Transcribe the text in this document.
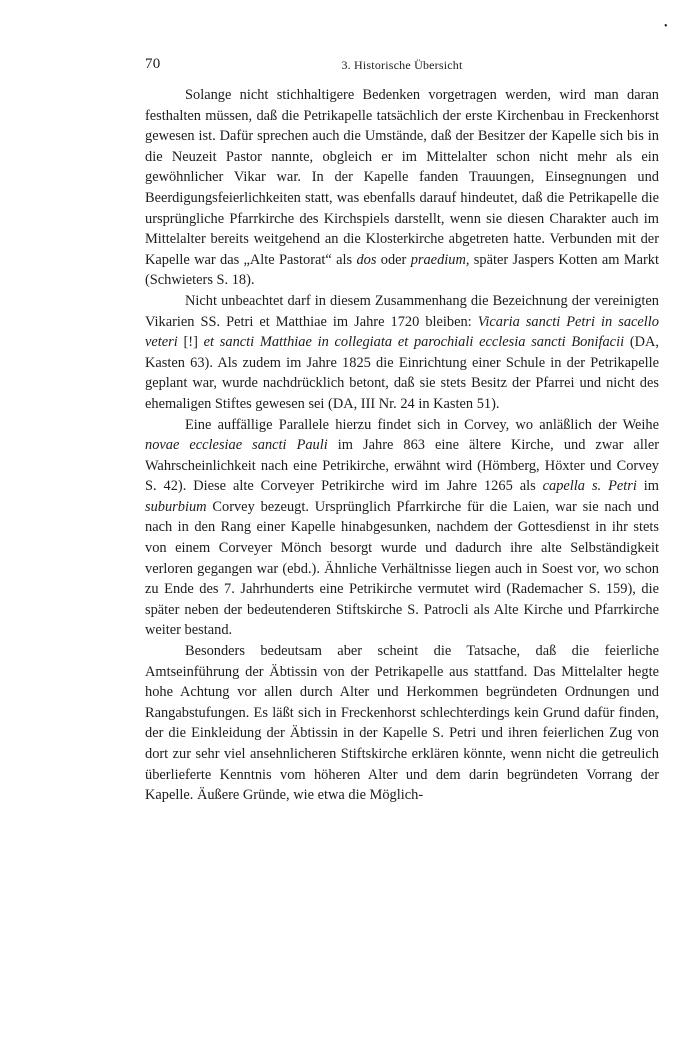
•
70	3. Historische Übersicht

Solange nicht stichhaltigere Bedenken vorgetragen werden, wird man daran festhalten müssen, daß die Petrikapelle tatsächlich der erste Kirchenbau in Freckenhorst gewesen ist. Dafür sprechen auch die Umstände, daß der Besitzer der Kapelle sich bis in die Neuzeit Pastor nannte, obgleich er im Mittelalter schon nicht mehr als ein gewöhnlicher Vikar war. In der Kapelle fanden Trauungen, Einsegnungen und Beerdigungsfeierlichkeiten statt, was ebenfalls darauf hindeutet, daß die Petrikapelle die ursprüngliche Pfarrkirche des Kirchspiels darstellt, wenn sie diesen Charakter auch im Mittelalter bereits weitgehend an die Klosterkirche abgetreten hatte. Verbunden mit der Kapelle war das „Alte Pastorat“ als dos oder praedium, später Jaspers Kotten am Markt (Schwieters S. 18).

Nicht unbeachtet darf in diesem Zusammenhang die Bezeichnung der vereinigten Vikarien SS. Petri et Matthiae im Jahre 1720 bleiben: Vicaria sancti Petri in sacello veteri [!] et sancti Matthiae in collegiata et parochiali ecclesia sancti Bonifacii (DA, Kasten 63). Als zudem im Jahre 1825 die Einrichtung einer Schule in der Petrikapelle geplant war, wurde nachdrücklich betont, daß sie stets Besitz der Pfarrei und nicht des ehemaligen Stiftes gewesen sei (DA, III Nr. 24 in Kasten 51).

Eine auffällige Parallele hierzu findet sich in Corvey, wo anläßlich der Weihe novae ecclesiae sancti Pauli im Jahre 863 eine ältere Kirche, und zwar aller Wahrscheinlichkeit nach eine Petrikirche, erwähnt wird (Hömberg, Höxter und Corvey S. 42). Diese alte Corveyer Petrikirche wird im Jahre 1265 als capella s. Petri im suburbium Corvey bezeugt. Ursprünglich Pfarrkirche für die Laien, war sie nach und nach in den Rang einer Kapelle hinabgesunken, nachdem der Gottesdienst in ihr stets von einem Corveyer Mönch besorgt wurde und dadurch ihre alte Selbständigkeit verloren gegangen war (ebd.). Ähnliche Verhältnisse liegen auch in Soest vor, wo schon zu Ende des 7. Jahrhunderts eine Petrikirche vermutet wird (Rademacher S. 159), die später neben der bedeutenderen Stiftskirche S. Patrocli als Alte Kirche und Pfarrkirche weiter bestand.

Besonders bedeutsam aber scheint die Tatsache, daß die feierliche Amtseinführung der Äbtissin von der Petrikapelle aus stattfand. Das Mittelalter hegte hohe Achtung vor allen durch Alter und Herkommen begründeten Ordnungen und Rangabstufungen. Es läßt sich in Freckenhorst schlechterdings kein Grund dafür finden, der die Einkleidung der Äbtissin in der Kapelle S. Petri und ihren feierlichen Zug von dort zur sehr viel ansehnlicheren Stiftskirche erklären könnte, wenn nicht die getreulich überlieferte Kenntnis vom höheren Alter und dem darin begründeten Vorrang der Kapelle. Äußere Gründe, wie etwa die Möglich-
